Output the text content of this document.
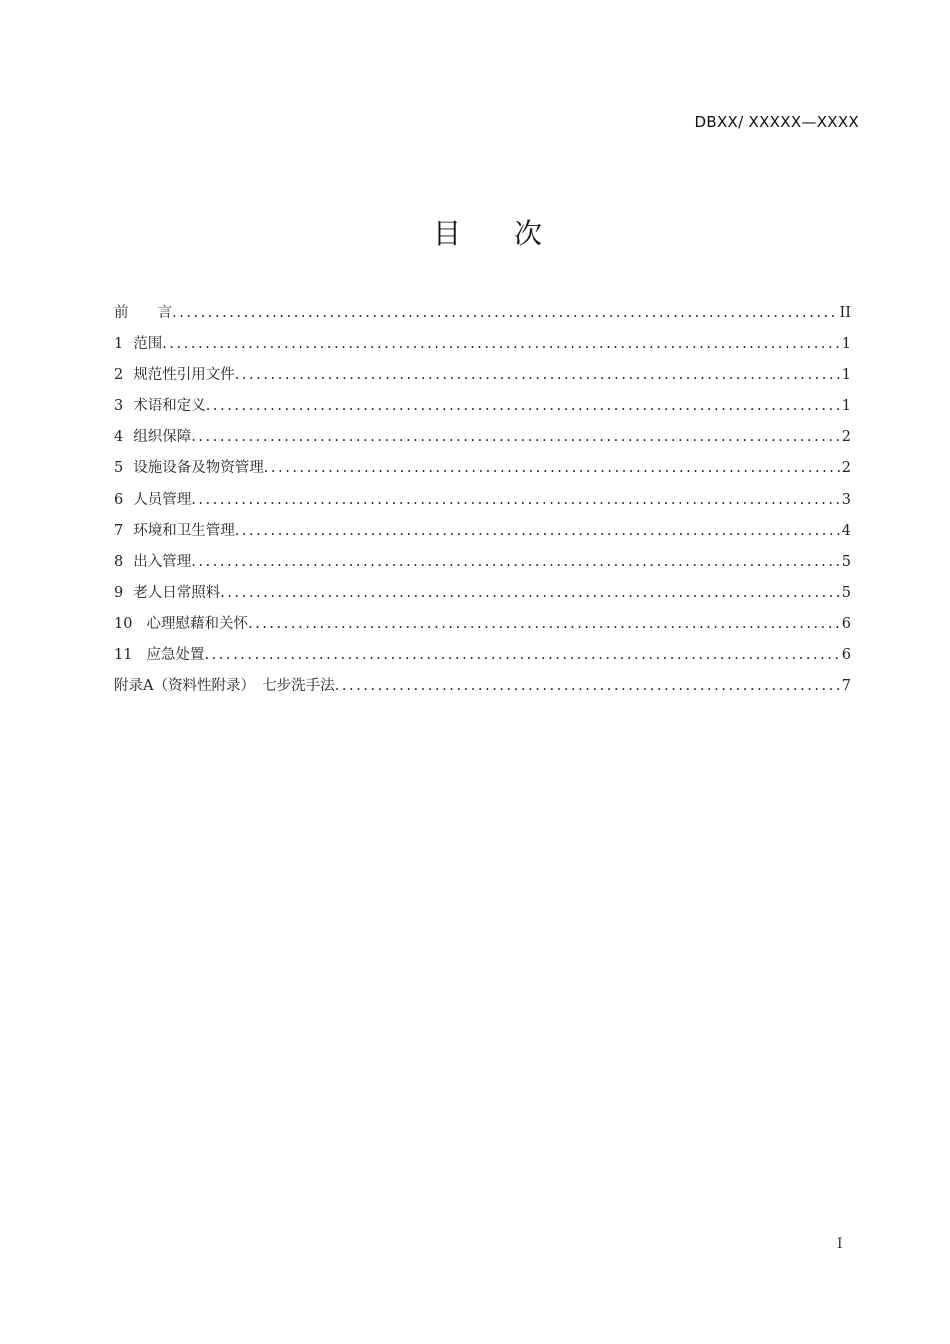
DBXX/ XXXXX—XXXX
目 次
前　　言 .....	II
1 范围 .....	1
2 规范性引用文件 .....	1
3 术语和定义 .....	1
4 组织保障 .....	2
5 设施设备及物资管理 .....	2
6 人员管理 .....	3
7 环境和卫生管理 .....	4
8 出入管理 .....	5
9 老人日常照料 .....	5
10 心理慰藉和关怀 .....	6
11 应急处置 .....	6
附录A（资料性附录）　七步洗手法 .....	7
I
